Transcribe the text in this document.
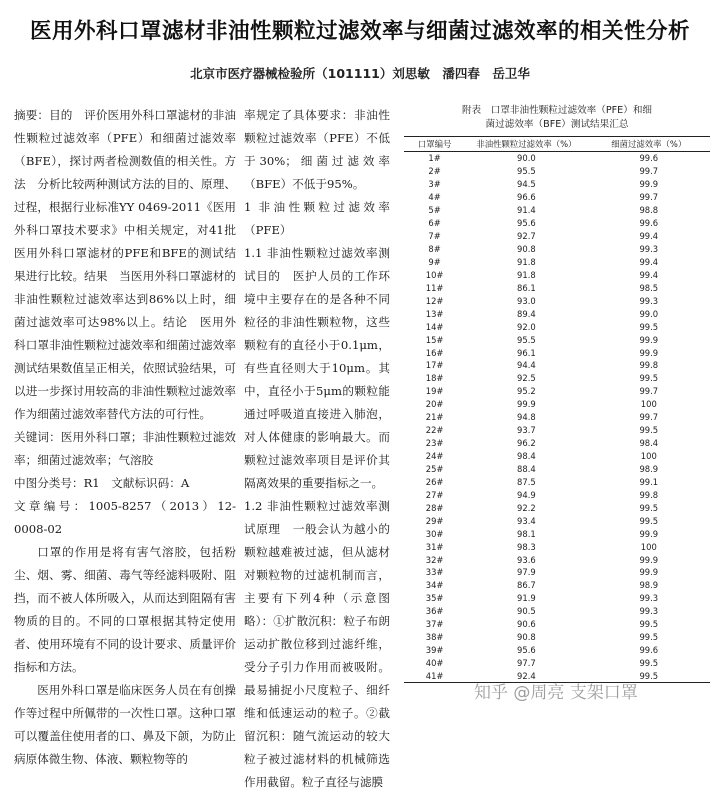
医用外科口罩滤材非油性颗粒过滤效率与细菌过滤效率的相关性分析
北京市医疗器械检验所（101111）刘思敏　潘四春　岳卫华

摘要：目的　评价医用外科口罩滤材的非油性颗粒过滤效率（PFE）和细菌过滤效率（BFE），探讨两者检测数值的相关性。方法　分析比较两种测试方法的目的、原理、过程，根据行业标准YY 0469-2011《医用外科口罩技术要求》中相关规定，对41批医用外科口罩滤材的PFE和BFE的测试结果进行比较。结果　当医用外科口罩滤材的非油性颗粒过滤效率达到86%以上时，细菌过滤效率可达98%以上。结论　医用外科口罩非油性颗粒过滤效率和细菌过滤效率测试结果数值呈正相关，依照试验结果，可以进一步探讨用较高的非油性颗粒过滤效率作为细菌过滤效率替代方法的可行性。

关键词：医用外科口罩；非油性颗粒过滤效率；细菌过滤效率；气溶胶

中图分类号：R1　文献标识码：A

文章编号：1005-8257（2013）12-0008-02

口罩的作用是将有害气溶胶，包括粉尘、烟、雾、细菌、毒气等经滤料吸附、阻挡，而不被人体所吸入，从而达到阻隔有害物质的目的。不同的口罩根据其特定使用者、使用环境有不同的设计要求、质量评价指标和方法。

医用外科口罩是临床医务人员在有创操作等过程中所佩带的一次性口罩。这种口罩可以覆盖住使用者的口、鼻及下颌，为防止病原体微生物、体液、颗粒物等的

率规定了具体要求：非油性颗粒过滤效率（PFE）不低于30%；细菌过滤效率（BFE）不低于95%。

1 非油性颗粒过滤效率（PFE）

1.1 非油性颗粒过滤效率测试目的　医护人员的工作环境中主要存在的是各种不同粒径的非油性颗粒物，这些颗粒有的直径小于0.1μm，有些直径则大于10μm。其中，直径小于5μm的颗粒能通过呼吸道直接进入肺泡，对人体健康的影响最大。而颗粒过滤效率项目是评价其隔离效果的重要指标之一。

1.2 非油性颗粒过滤效率测试原理　一般会认为越小的颗粒越难被过滤，但从滤材对颗粒物的过滤机制而言，主要有下列4种（示意图略）：①扩散沉积：粒子布朗运动扩散位移到过滤纤维，受分子引力作用而被吸附。最易捕捉小尺度粒子、细纤维和低速运动的粒子。②截留沉积：随气流运动的较大粒子被过滤材料的机械筛选作用截留。粒子直径与滤膜

附表　口罩非油性颗粒过滤效率（PFE）和细
菌过滤效率（BFE）测试结果汇总
口罩编号	非油性颗粒过滤效率（%）	细菌过滤效率（%）
1#	90.0	99.6
2#	95.5	99.7
3#	94.5	99.9
4#	96.6	99.7
5#	91.4	98.8
6#	95.6	99.6
7#	92.7	99.4
8#	90.8	99.3
9#	91.8	99.4
10#	91.8	99.4
11#	86.1	98.5
12#	93.0	99.3
13#	89.4	99.0
14#	92.0	99.5
15#	95.5	99.9
16#	96.1	99.9
17#	94.4	99.8
18#	92.5	99.5
19#	95.2	99.7
20#	99.9	100
21#	94.8	99.7
22#	93.7	99.5
23#	96.2	98.4
24#	98.4	100
25#	88.4	98.9
26#	87.5	99.1
27#	94.9	99.8
28#	92.2	99.5
29#	93.4	99.5
30#	98.1	99.9
31#	98.3	100
32#	93.6	99.9
33#	97.9	99.9
34#	86.7	98.9
35#	91.9	99.3
36#	90.5	99.3
37#	90.6	99.5
38#	90.8	99.5
39#	95.6	99.6
40#	97.7	99.5
41#	92.4	99.5
知乎 @周亮 支架口罩
